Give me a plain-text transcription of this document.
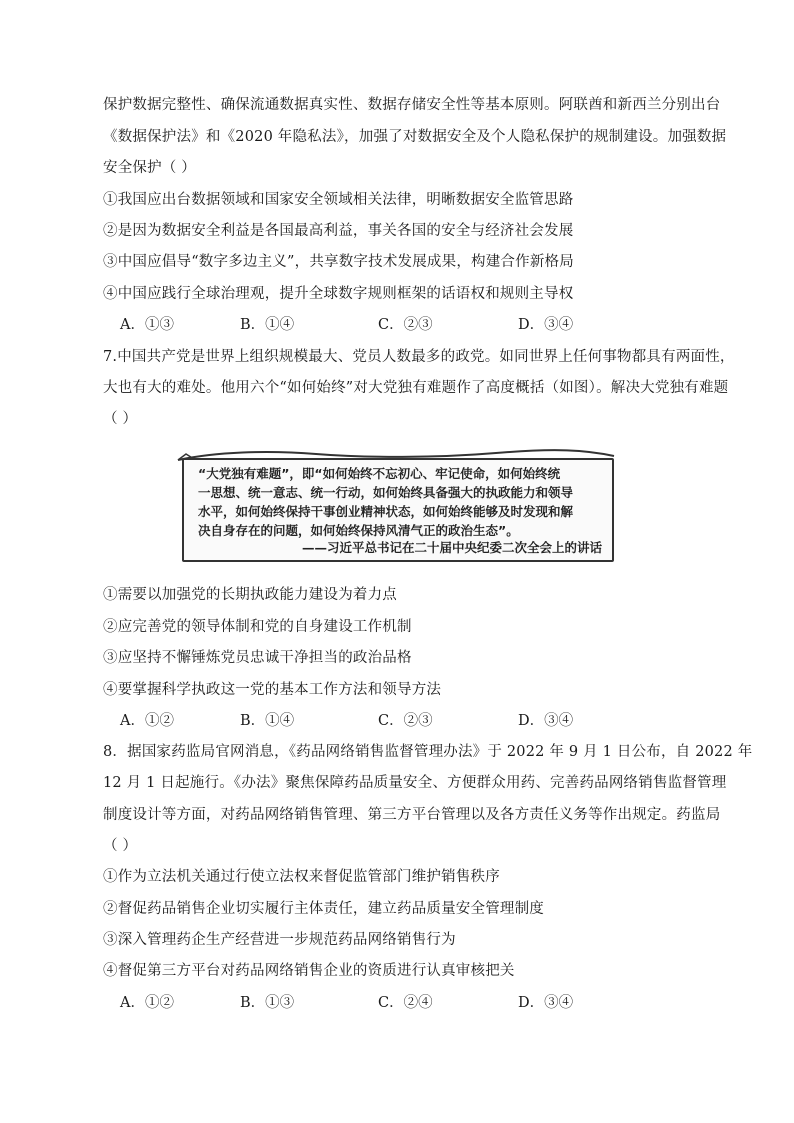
保护数据完整性、确保流通数据真实性、数据存储安全性等基本原则。阿联酋和新西兰分别出台
《数据保护法》和《2020 年隐私法》，加强了对数据安全及个人隐私保护的规制建设。加强数据
安全保护（ ）
①我国应出台数据领域和国家安全领域相关法律，明晰数据安全监管思路
②是因为数据安全利益是各国最高利益，事关各国的安全与经济社会发展
③中国应倡导“数字多边主义”，共享数字技术发展成果，构建合作新格局
④中国应践行全球治理观，提升全球数字规则框架的话语权和规则主导权
A．①③	B．①④	C．②③	D．③④
7.中国共产党是世界上组织规模最大、党员人数最多的政党。如同世界上任何事物都具有两面性，
大也有大的难处。他用六个“如何始终”对大党独有难题作了高度概括（如图）。解决大党独有难题
（ ）
“大党独有难题”，即“如何始终不忘初心、牢记使命，如何始终统
一思想、统一意志、统一行动，如何始终具备强大的执政能力和领导
水平，如何始终保持干事创业精神状态，如何始终能够及时发现和解
决自身存在的问题，如何始终保持风清气正的政治生态”。
——习近平总书记在二十届中央纪委二次全会上的讲话
①需要以加强党的长期执政能力建设为着力点
②应完善党的领导体制和党的自身建设工作机制
③应坚持不懈锤炼党员忠诚干净担当的政治品格
④要掌握科学执政这一党的基本工作方法和领导方法
A．①②	B．①④	C．②③	D．③④
8．据国家药监局官网消息，《药品网络销售监督管理办法》于 2022 年 9 月 1 日公布，自 2022 年
12 月 1 日起施行。《办法》聚焦保障药品质量安全、方便群众用药、完善药品网络销售监督管理
制度设计等方面，对药品网络销售管理、第三方平台管理以及各方责任义务等作出规定。药监局
（ ）
①作为立法机关通过行使立法权来督促监管部门维护销售秩序
②督促药品销售企业切实履行主体责任，建立药品质量安全管理制度
③深入管理药企生产经营进一步规范药品网络销售行为
④督促第三方平台对药品网络销售企业的资质进行认真审核把关
A．①②	B．①③	C．②④	D．③④
